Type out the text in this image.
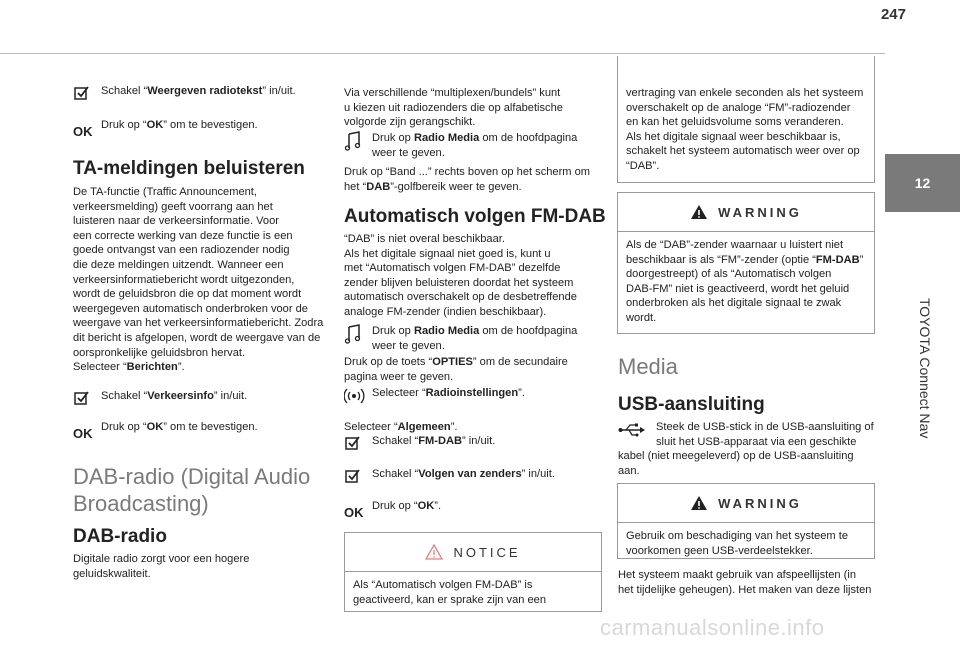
247
12
TOYOTA Connect Nav
Schakel “Weergeven radiotekst” in/uit.
OK Druk op “OK” om te bevestigen.
TA-meldingen beluisteren

De TA-functie (Traffic Announcement,

verkeersmelding) geeft voorrang aan het

luisteren naar de verkeersinformatie. Voor

een correcte werking van deze functie is een

goede ontvangst van een radiozender nodig

die deze meldingen uitzendt. Wanneer een

verkeersinformatiebericht wordt uitgezonden,

wordt de geluidsbron die op dat moment wordt

weergegeven automatisch onderbroken voor de

weergave van het verkeersinformatiebericht. Zodra

dit bericht is afgelopen, wordt de weergave van de

oorspronkelijke geluidsbron hervat.

Selecteer “Berichten”.

Schakel “Verkeersinfo” in/uit.
OK Druk op “OK” om te bevestigen.
DAB-radio (Digital Audio
Broadcasting)
DAB-radio

Digitale radio zorgt voor een hogere

geluidskwaliteit.

Via verschillende “multiplexen/bundels” kunt

u kiezen uit radiozenders die op alfabetische

volgorde zijn gerangschikt.

Druk op Radio Media om de hoofdpagina

weer te geven.

Druk op “Band ...” rechts boven op het scherm om

het “DAB”-golfbereik weer te geven.

Automatisch volgen FM-DAB

“DAB” is niet overal beschikbaar.

Als het digitale signaal niet goed is, kunt u

met “Automatisch volgen FM-DAB” dezelfde

zender blijven beluisteren doordat het systeem

automatisch overschakelt op de desbetreffende

analoge FM-zender (indien beschikbaar).

Druk op Radio Media om de hoofdpagina

weer te geven.

Druk op de toets “OPTIES” om de secundaire

pagina weer te geven.

Selecteer “Radioinstellingen”.

Selecteer “Algemeen”.

Schakel “FM-DAB” in/uit.
Schakel “Volgen van zenders” in/uit.
OK Druk op “OK”.
NOTICE

Als “Automatisch volgen FM-DAB” is

geactiveerd, kan er sprake zijn van een

vertraging van enkele seconden als het systeem

overschakelt op de analoge “FM”-radiozender

en kan het geluidsvolume soms veranderen.

Als het digitale signaal weer beschikbaar is,

schakelt het systeem automatisch weer over op

“DAB”.

WARNING

Als de “DAB”-zender waarnaar u luistert niet

beschikbaar is als “FM”-zender (optie “FM-DAB”

doorgestreept) of als “Automatisch volgen

DAB-FM” niet is geactiveerd, wordt het geluid

onderbroken als het digitale signaal te zwak

wordt.

Media
USB-aansluiting

Steek de USB-stick in de USB-aansluiting of

sluit het USB-apparaat via een geschikte

kabel (niet meegeleverd) op de USB-aansluiting

aan.

WARNING

Gebruik om beschadiging van het systeem te

voorkomen geen USB-verdeelstekker.

Het systeem maakt gebruik van afspeellijsten (in

het tijdelijke geheugen). Het maken van deze lijsten

carmanualsonline.info
